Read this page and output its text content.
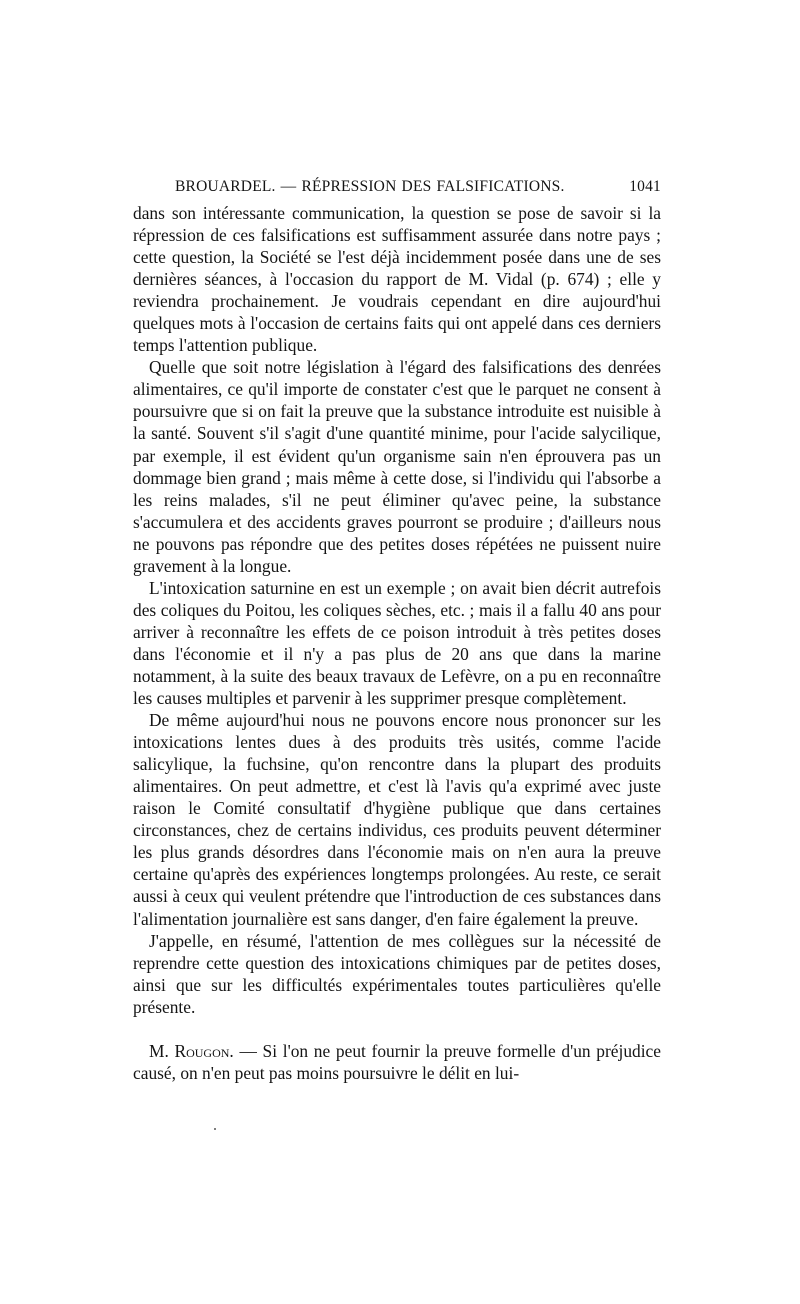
BROUARDEL. — RÉPRESSION DES FALSIFICATIONS.	1041

dans son intéressante communication, la question se pose de savoir si la répression de ces falsifications est suffisamment assurée dans notre pays ; cette question, la Société se l'est déjà incidemment posée dans une de ses dernières séances, à l'occasion du rapport de M. Vidal (p. 674) ; elle y reviendra prochainement. Je voudrais cependant en dire aujourd'hui quelques mots à l'occasion de certains faits qui ont appelé dans ces derniers temps l'attention publique.

Quelle que soit notre législation à l'égard des falsifications des denrées alimentaires, ce qu'il importe de constater c'est que le parquet ne consent à poursuivre que si on fait la preuve que la substance introduite est nuisible à la santé. Souvent s'il s'agit d'une quantité minime, pour l'acide salycilique, par exemple, il est évident qu'un organisme sain n'en éprouvera pas un dommage bien grand ; mais même à cette dose, si l'individu qui l'absorbe a les reins malades, s'il ne peut éliminer qu'avec peine, la substance s'accumulera et des accidents graves pourront se produire ; d'ailleurs nous ne pouvons pas répondre que des petites doses répétées ne puissent nuire gravement à la longue.

L'intoxication saturnine en est un exemple ; on avait bien décrit autrefois des coliques du Poitou, les coliques sèches, etc. ; mais il a fallu 40 ans pour arriver à reconnaître les effets de ce poison introduit à très petites doses dans l'économie et il n'y a pas plus de 20 ans que dans la marine notamment, à la suite des beaux travaux de Lefèvre, on a pu en reconnaître les causes multiples et parvenir à les supprimer presque complètement.

De même aujourd'hui nous ne pouvons encore nous prononcer sur les intoxications lentes dues à des produits très usités, comme l'acide salicylique, la fuchsine, qu'on rencontre dans la plupart des produits alimentaires. On peut admettre, et c'est là l'avis qu'a exprimé avec juste raison le Comité consultatif d'hygiène publique que dans certaines circonstances, chez de certains individus, ces produits peuvent déterminer les plus grands désordres dans l'économie mais on n'en aura la preuve certaine qu'après des expériences longtemps prolongées. Au reste, ce serait aussi à ceux qui veulent prétendre que l'introduction de ces substances dans l'alimentation journalière est sans danger, d'en faire également la preuve.

J'appelle, en résumé, l'attention de mes collègues sur la nécessité de reprendre cette question des intoxications chimiques par de petites doses, ainsi que sur les difficultés expérimentales toutes particulières qu'elle présente.

M. Rougon. — Si l'on ne peut fournir la preuve formelle d'un préjudice causé, on n'en peut pas moins poursuivre le délit en lui-
